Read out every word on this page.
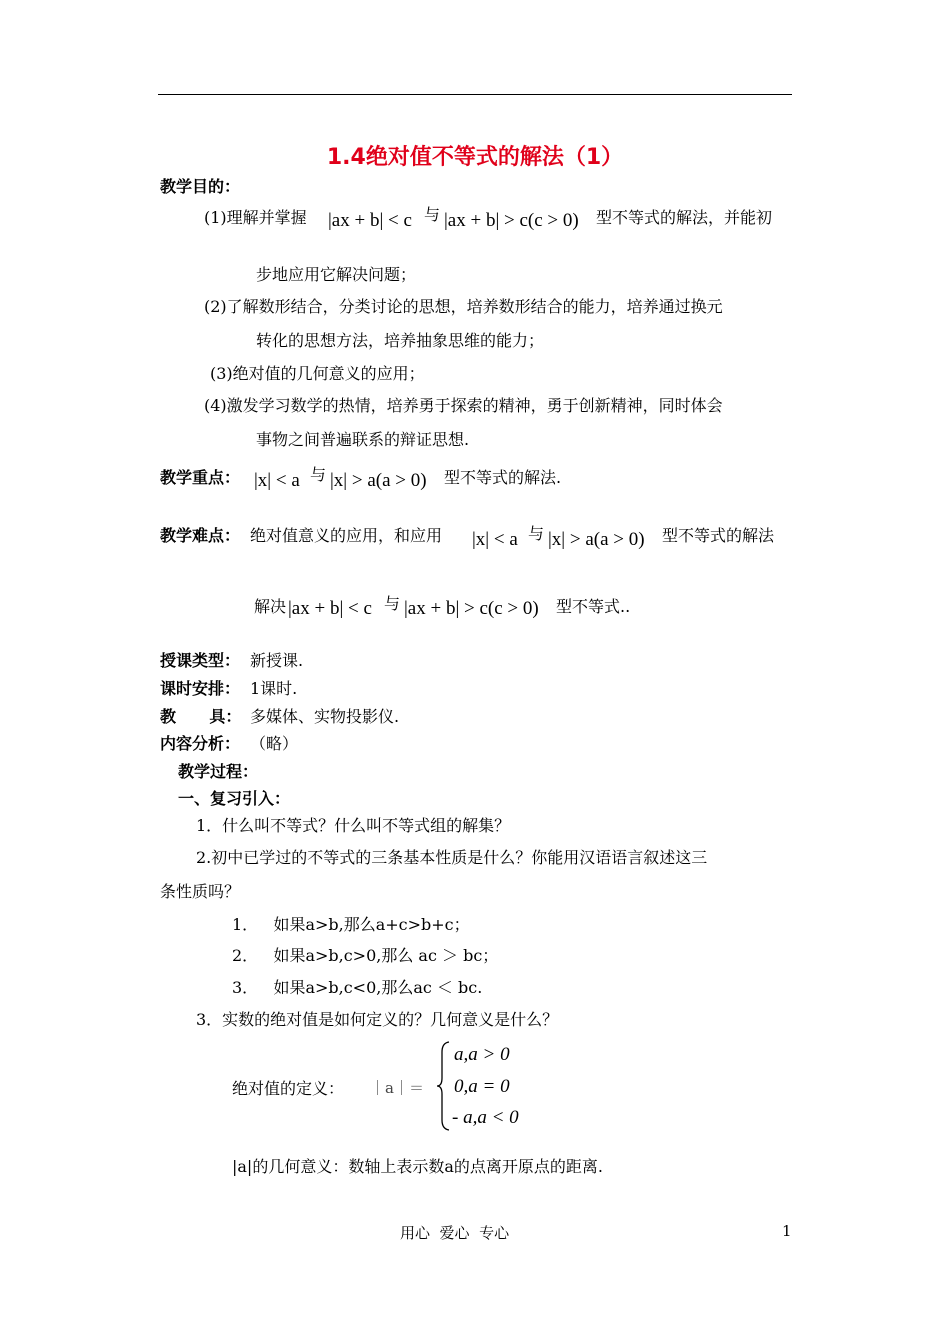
1.4绝对值不等式的解法（1）
教学目的：
(1)理解并掌握 |ax + b| < c 与 |ax + b| > c(c > 0) 型不等式的解法，并能初
步地应用它解决问题；
(2)了解数形结合，分类讨论的思想，培养数形结合的能力，培养通过换元
转化的思想方法，培养抽象思维的能力；
(3)绝对值的几何意义的应用；
(4)激发学习数学的热情，培养勇于探索的精神，勇于创新精神，同时体会
事物之间普遍联系的辩证思想.
教学重点： |x| < a 与 |x| > a(a > 0) 型不等式的解法.
教学难点： 绝对值意义的应用，和应用 |x| < a 与 |x| > a(a > 0) 型不等式的解法
解决 |ax + b| < c 与 |ax + b| > c(c > 0) 型不等式..
授课类型： 新授课.
课时安排： 1课时.
教      具： 多媒体、实物投影仪.
内容分析： （略）
教学过程：
一、复习引入：
1．什么叫不等式？什么叫不等式组的解集？
2.初中已学过的不等式的三条基本性质是什么？你能用汉语语言叙述这三
条性质吗？
1．   如果a>b,那么a+c>b+c；
2．   如果a>b,c>0,那么 ac ＞ bc；
3．   如果a>b,c<0,那么ac ＜ bc.
3．实数的绝对值是如何定义的？几何意义是什么？
绝对值的定义： ｜a｜＝
a,a > 0
0,a = 0
- a,a < 0
|a|的几何意义：数轴上表示数a的点离开原点的距离.
用心  爱心  专心	1
